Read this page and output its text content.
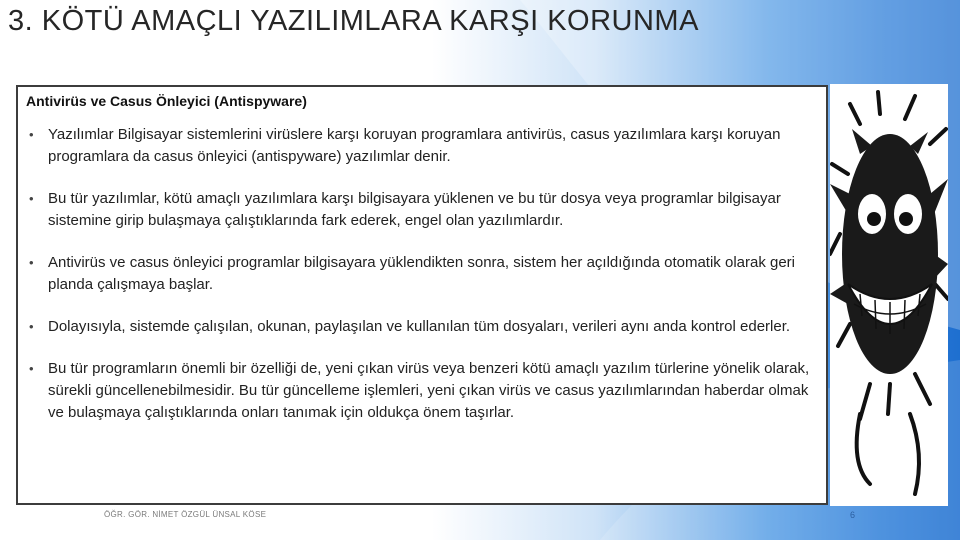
3. KÖTÜ AMAÇLI YAZILIMLARA KARŞI KORUNMA
Antivirüs ve Casus Önleyici (Antispyware)
• Yazılımlar Bilgisayar sistemlerini virüslere karşı koruyan programlara antivirüs, casus yazılımlara karşı koruyan programlara da casus önleyici (antispyware) yazılımlar denir.
• Bu tür yazılımlar, kötü amaçlı yazılımlara karşı bilgisayara yüklenen ve bu tür dosya veya programlar bilgisayar sistemine girip bulaşmaya çalıştıklarında fark ederek, engel olan yazılımlardır.
• Antivirüs ve casus önleyici programlar bilgisayara yüklendikten sonra, sistem her açıldığında otomatik olarak geri planda çalışmaya başlar.
• Dolayısıyla, sistemde çalışılan, okunan, paylaşılan ve kullanılan tüm dosyaları, verileri aynı anda kontrol ederler.
• Bu tür programların önemli bir özelliği de, yeni çıkan virüs veya benzeri kötü amaçlı yazılım türlerine yönelik olarak, sürekli güncellenebilmesidir. Bu tür güncelleme işlemleri, yeni çıkan virüs ve casus yazılımlarından haberdar olmak ve bulaşmaya çalıştıklarında onları tanımak için oldukça önem taşırlar.
ÖĞR. GÖR. NİMET ÖZGÜL ÜNSAL KÖSE	6
